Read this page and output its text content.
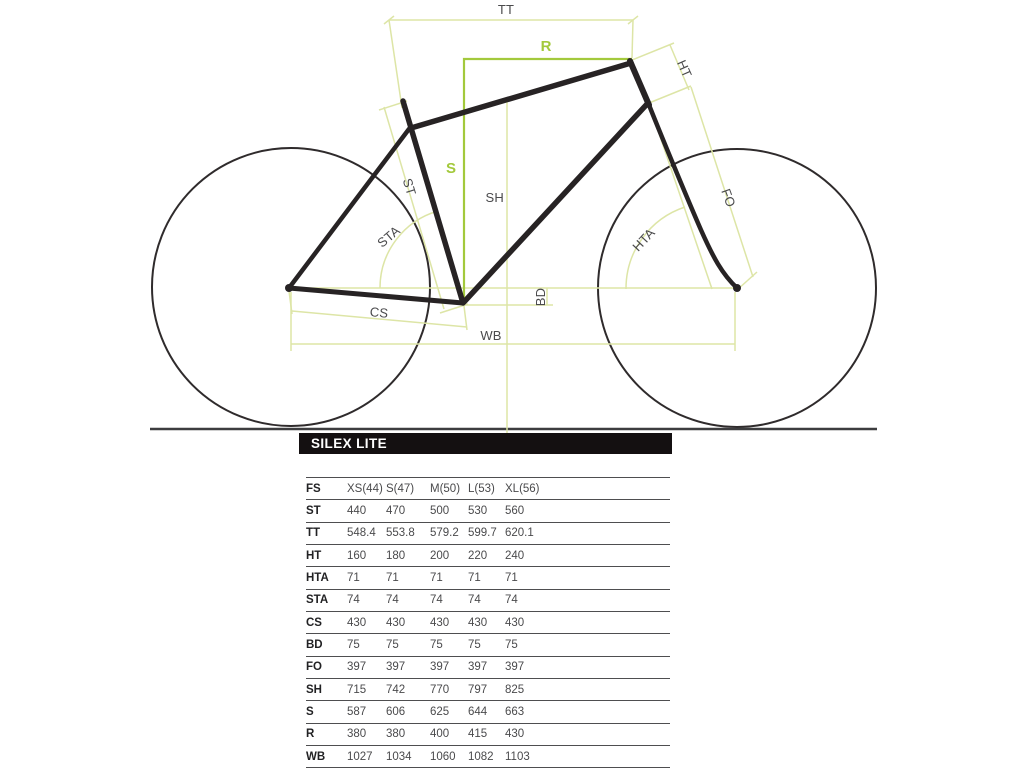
TT
R
S
SH
ST
STA
CS
BD
WB
HT
FO
HTA
SILEX LITE
FS	XS(44)	S(47)	M(50)	L(53)	XL(56)
ST	440	470	500	530	560
TT	548.4	553.8	579.2	599.7	620.1
HT	160	180	200	220	240
HTA	71	71	71	71	71
STA	74	74	74	74	74
CS	430	430	430	430	430
BD	75	75	75	75	75
FO	397	397	397	397	397
SH	715	742	770	797	825
S	587	606	625	644	663
R	380	380	400	415	430
WB	1027	1034	1060	1082	1103
